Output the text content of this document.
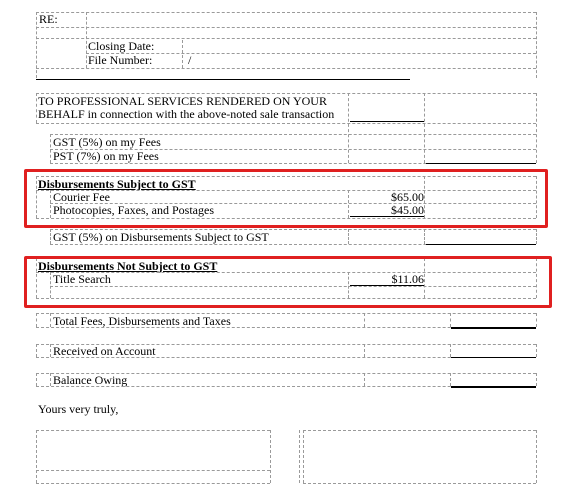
RE:
Closing Date:
File Number:	/
TO PROFESSIONAL SERVICES RENDERED ON YOUR
BEHALF in connection with the above-noted sale transaction
GST (5%) on my Fees
PST (7%) on my Fees
Disbursements Subject to GST
Courier Fee	$65.00
Photocopies, Faxes, and Postages	$45.00
GST (5%) on Disbursements Subject to GST
Disbursements Not Subject to GST
Title Search	$11.06
Total Fees, Disbursements and Taxes
Received on Account
Balance Owing
Yours very truly,
